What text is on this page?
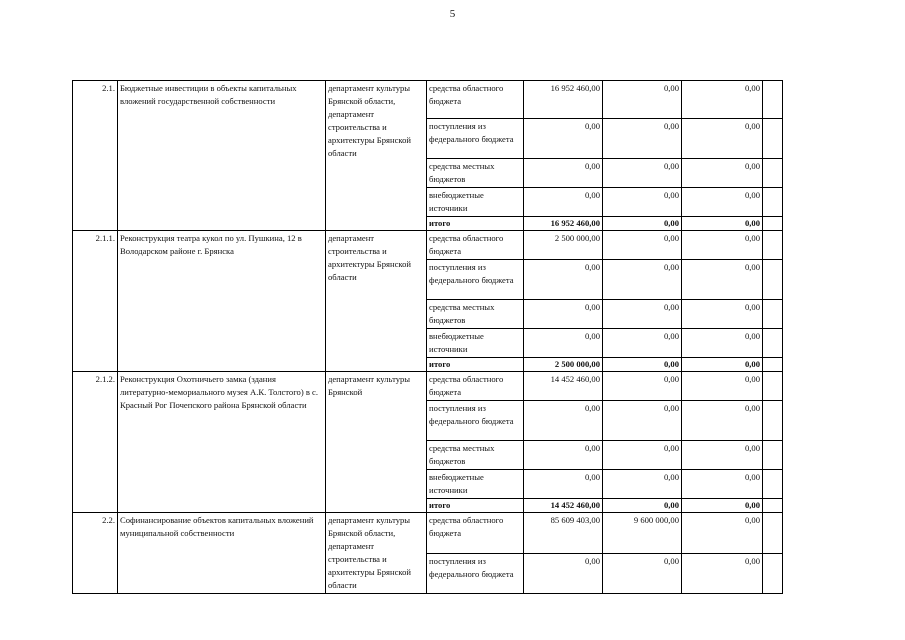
5
2.1.	Бюджетные инвестиции в объекты капитальных вложений государственной собственности	департамент культуры Брянской области, департамент строительства и архитектуры Брянской области	средства областного бюджета	16 952 460,00	0,00	0,00	
			поступления из федерального бюджета	0,00	0,00	0,00	
			средства местных бюджетов	0,00	0,00	0,00	
			внебюджетные источники	0,00	0,00	0,00	
			итого	16 952 460,00	0,00	0,00	
2.1.1.	Реконструкция театра кукол по ул. Пушкина, 12 в Володарском районе г. Брянска	департамент строительства и архитектуры Брянской области	средства областного бюджета	2 500 000,00	0,00	0,00	
			поступления из федерального бюджета	0,00	0,00	0,00	
			средства местных бюджетов	0,00	0,00	0,00	
			внебюджетные источники	0,00	0,00	0,00	
			итого	2 500 000,00	0,00	0,00	
2.1.2.	Реконструкция Охотничьего замка (здания литературно-мемориального музея А.К. Толстого) в с. Красный Рог Почепского района Брянской области	департамент культуры Брянской	средства областного бюджета	14 452 460,00	0,00	0,00	
			поступления из федерального бюджета	0,00	0,00	0,00	
			средства местных бюджетов	0,00	0,00	0,00	
			внебюджетные источники	0,00	0,00	0,00	
			итого	14 452 460,00	0,00	0,00	
2.2.	Софинансирование объектов капитальных вложений муниципальной собственности	департамент культуры Брянской области, департамент строительства и архитектуры Брянской области	средства областного бюджета	85 609 403,00	9 600 000,00	0,00	
			поступления из федерального бюджета	0,00	0,00	0,00	
